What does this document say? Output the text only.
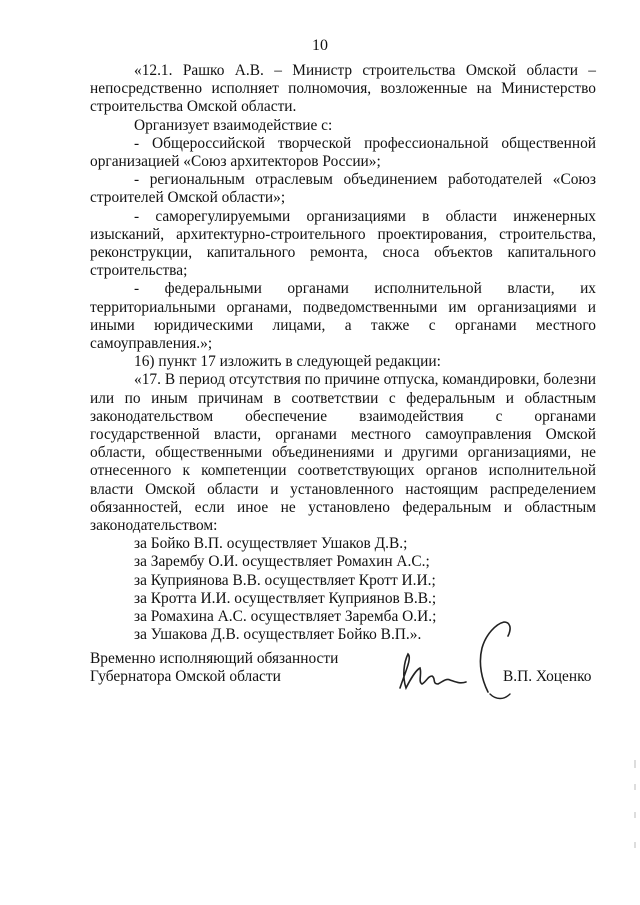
10

«12.1. Рашко А.В. – Министр строительства Омской области – непосредственно исполняет полномочия, возложенные на Министерство строительства Омской области.

Организует взаимодействие с:

- Общероссийской творческой профессиональной общественной организацией «Союз архитекторов России»;

- региональным отраслевым объединением работодателей «Союз строителей Омской области»;

- саморегулируемыми организациями в области инженерных изысканий, архитектурно-строительного проектирования, строительства, реконструкции, капитального ремонта, сноса объектов капитального строительства;

- федеральными органами исполнительной власти, их территориальными органами, подведомственными им организациями и иными юридическими лицами, а также с органами местного самоуправления.»;

16) пункт 17 изложить в следующей редакции:

«17. В период отсутствия по причине отпуска, командировки, болезни или по иным причинам в соответствии с федеральным и областным законодательством обеспечение взаимодействия с органами государственной власти, органами местного самоуправления Омской области, общественными объединениями и другими организациями, не отнесенного к компетенции соответствующих органов исполнительной власти Омской области и установленного настоящим распределением обязанностей, если иное не установлено федеральным и областным законодательством:

за Бойко В.П. осуществляет Ушаков Д.В.;

за Зарембу О.И. осуществляет Ромахин А.С.;

за Куприянова В.В. осуществляет Кротт И.И.;

за Кротта И.И. осуществляет Куприянов В.В.;

за Ромахина А.С. осуществляет Заремба О.И.;

за Ушакова Д.В. осуществляет Бойко В.П.».

Временно исполняющий обязанности
Губернатора Омской области	В.П. Хоценко
